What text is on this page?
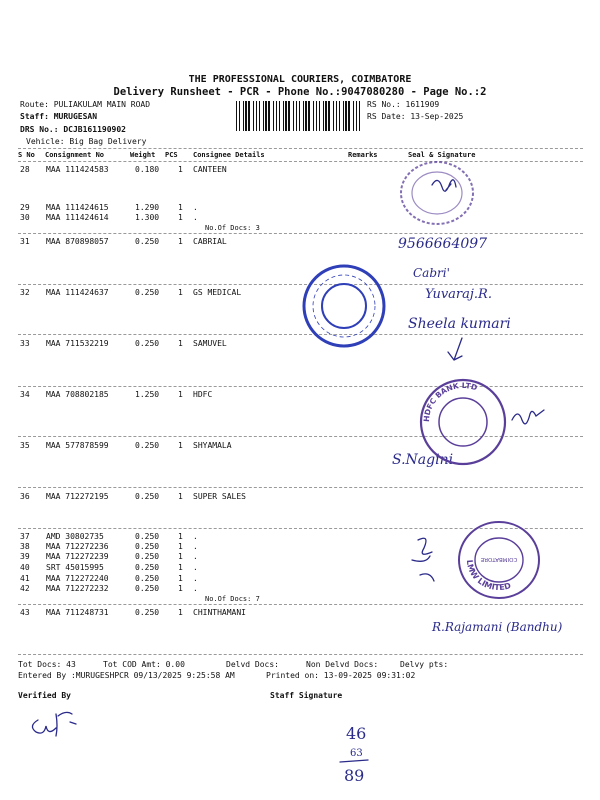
THE PROFESSIONAL COURIERS, COIMBATORE
Delivery Runsheet - PCR - Phone No.:9047080280 - Page No.:2
Route: PULIAKULAM MAIN ROAD
Staff: MURUGESAN
DRS No.: DCJB161190902
Vehicle: Big Bag Delivery
RS No.: 1611909
RS Date: 13-Sep-2025
S No Consignment No	Weight PCS Consignee Details	Remarks	Seal & Signature
28 MAA 111424583	0.180 1 CANTEEN
29 MAA 111424615	1.290 1 .
30 MAA 111424614	1.300 1 .
No.Of Docs: 3
31 MAA 870898057	0.250 1 CABRIAL
32 MAA 111424637	0.250 1 GS MEDICAL
33 MAA 711532219	0.250 1 SAMUVEL
34 MAA 708802185	1.250 1 HDFC
35 MAA 577878599	0.250 1 SHYAMALA
36 MAA 712272195	0.250 1 SUPER SALES
37 AMD 30802735	0.250 1 .
38 MAA 712272236	0.250 1 .
39 MAA 712272239	0.250 1 .
40 SRT 45015995	0.250 1 .
41 MAA 712272240	0.250 1 .
42 MAA 712272232	0.250 1 .
No.Of Docs: 7
43 MAA 711248731	0.250 1 CHINTHAMANI
Tot Docs: 43	Tot COD Amt: 0.00	Delvd Docs:	Non Delvd Docs:	Delvy pts:
Entered By :MURUGESHPCR 09/13/2025 9:25:58 AM	Printed on: 13-09-2025 09:31:02
Verified By	Staff Signature
9566664097
Cabri'
Yuvaraj.R.
Sheela kumari
S.Nagini
R.Rajamani (Bandhu)
46
63
89
HDFC BANK LTD
LMW LIMITED
COIMBATORE
